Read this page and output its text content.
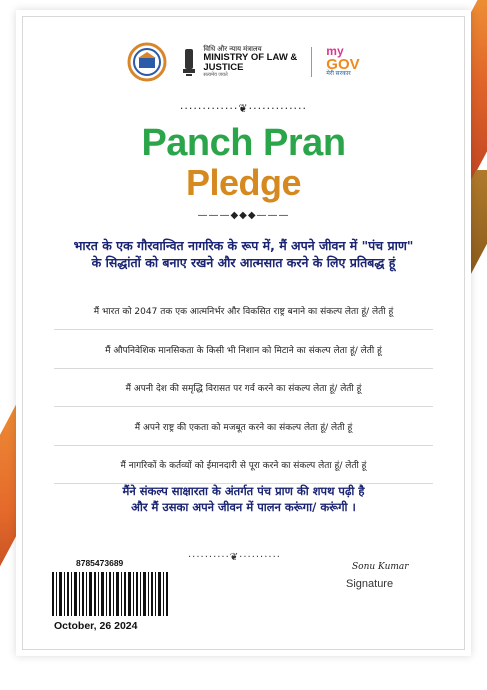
विधि और न्याय मंत्रालय
MINISTRY OF LAW &
JUSTICE
सत्यमेव जयते
my
GOV
मेरी सरकार
·············❦·············
Panch Pran
Pledge
———◆◆◆———
भारत के एक गौरवान्वित नागरिक के रूप में, मैं अपने जीवन में "पंच प्राण"
के सिद्धांतों को बनाए रखने और आत्मसात करने के लिए प्रतिबद्ध हूं
मैं भारत को 2047 तक एक आत्मनिर्भर और विकसित राष्ट्र बनाने का संकल्प लेता हूं/ लेती हूं
मैं औपनिवेशिक मानसिकता के किसी भी निशान को मिटाने का संकल्प लेता हूं/ लेती हूं
मैं अपनी देश की समृद्धि विरासत पर गर्व करने का संकल्प लेता हूं/ लेती हूं
मैं अपने राष्ट्र की एकता को मजबूत करने का संकल्प लेता हूं/ लेती हूं
मैं नागरिकों के कर्तव्यों को ईमानदारी से पूरा करने का संकल्प लेता हूं/ लेती हूं
मैंने संकल्प साक्षारता के अंतर्गत पंच प्राण की शपथ पढ़ी है
और मैं उसका अपने जीवन में पालन करूंगा/ करूंगी ।
8785473689	··········❦··········
October, 26 2024
Sonu Kumar
Signature
